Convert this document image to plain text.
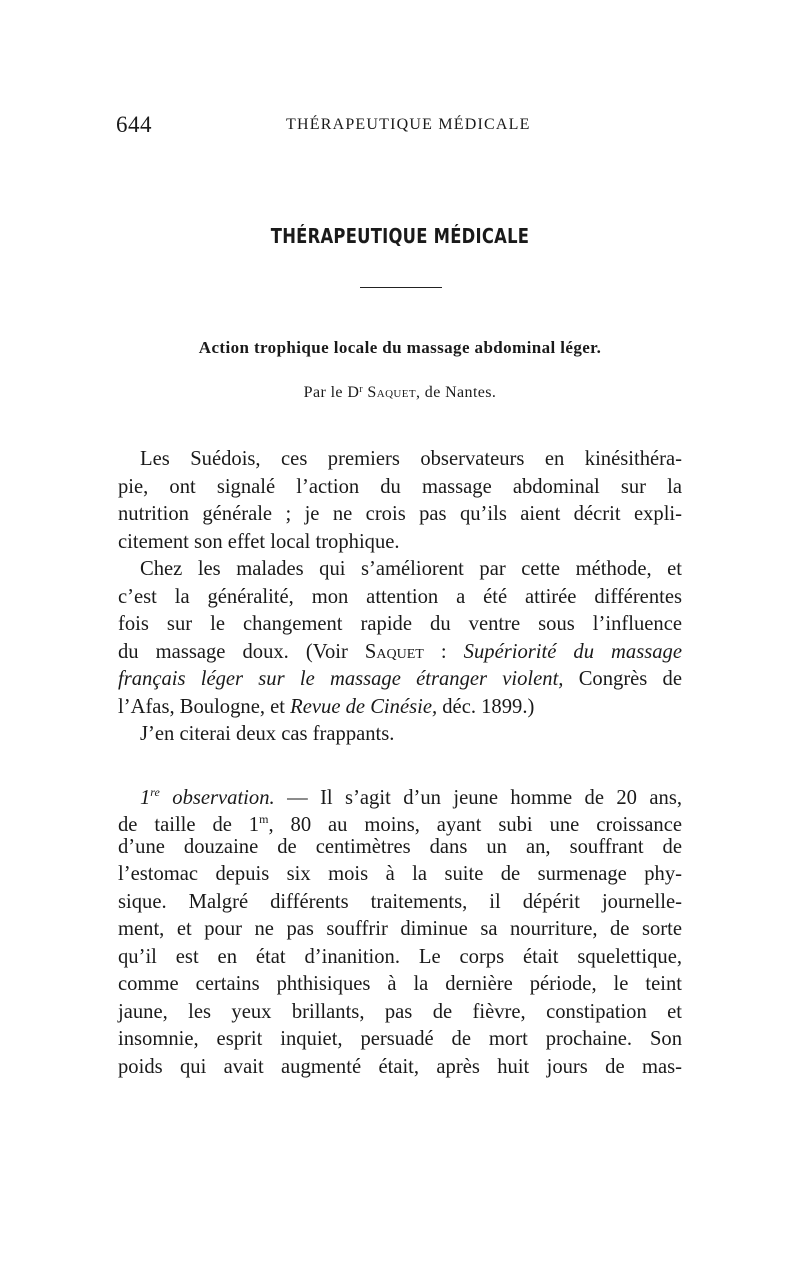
644	THÉRAPEUTIQUE MÉDICALE
THÉRAPEUTIQUE MÉDICALE
Action trophique locale du massage abdominal léger.
Par le $D^r$ Saquet, de Nantes.
Les Suédois, ces premiers observateurs en kinésithéra-
pie, ont signalé l’action du massage abdominal sur la
nutrition générale ; je ne crois pas qu’ils aient décrit expli-
citement son effet local trophique.
Chez les malades qui s’améliorent par cette méthode, et
c’est la généralité, mon attention a été attirée différentes
fois sur le changement rapide du ventre sous l’influence
du massage doux. (Voir Saquet : Supériorité du massage
français léger sur le massage étranger violent, Congrès de
l’Afas, Boulogne, et Revue de Cinésie, déc. 1899.)
J’en citerai deux cas frappants.
1re observation. — Il s’agit d’un jeune homme de 20 ans,
de taille de 1$^m$, 80 au moins, ayant subi une croissance
d’une douzaine de centimètres dans un an, souffrant de
l’estomac depuis six mois à la suite de surmenage phy-
sique. Malgré différents traitements, il dépérit journelle-
ment, et pour ne pas souffrir diminue sa nourriture, de sorte
qu’il est en état d’inanition. Le corps était squelettique,
comme certains phthisiques à la dernière période, le teint
jaune, les yeux brillants, pas de fièvre, constipation et
insomnie, esprit inquiet, persuadé de mort prochaine. Son
poids qui avait augmenté était, après huit jours de mas-
